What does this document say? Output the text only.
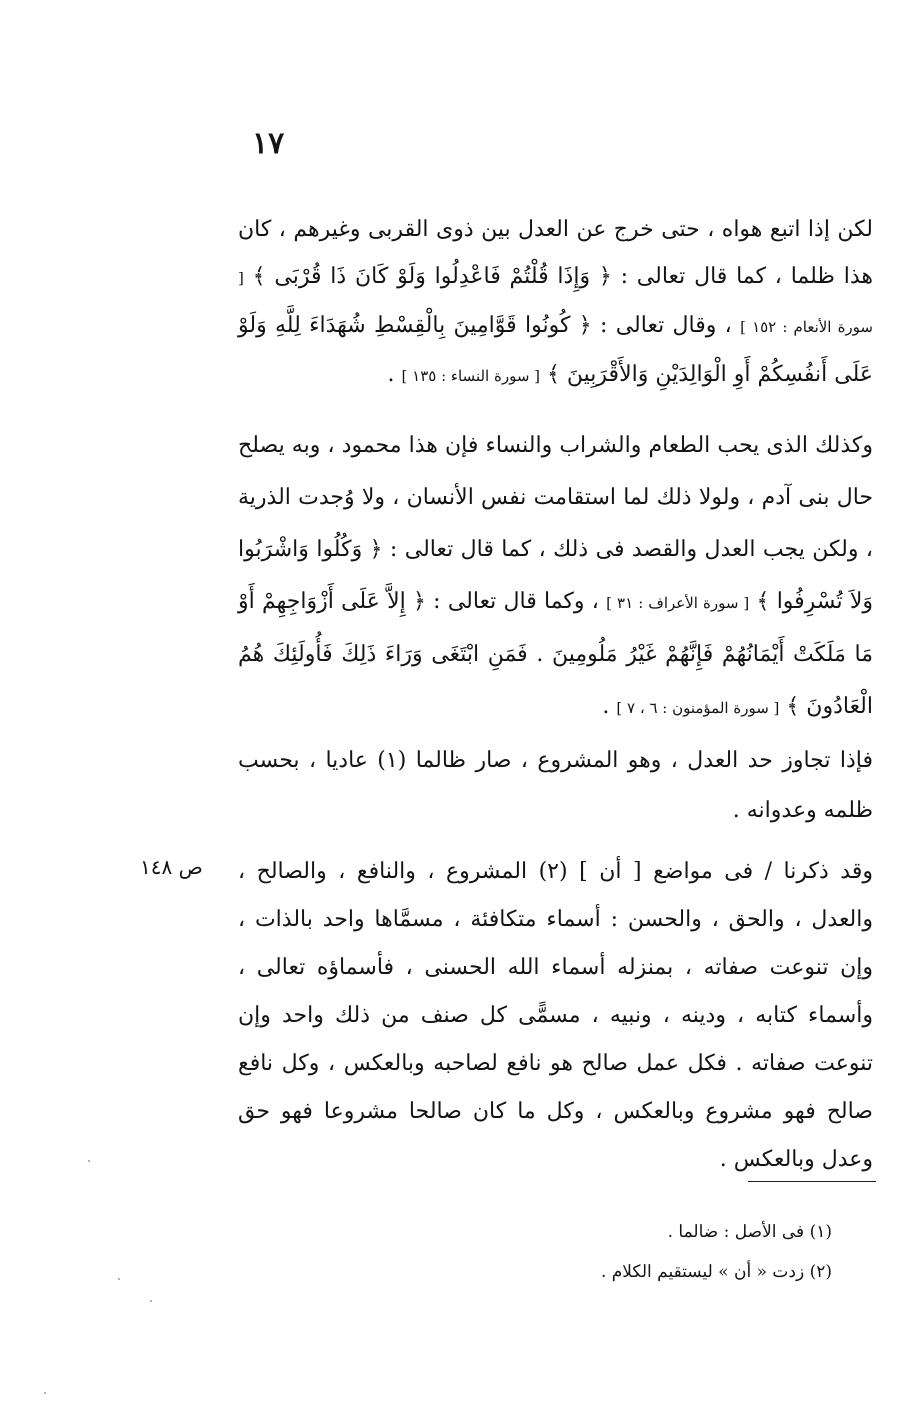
١٧

لكن إذا اتبع هواه ، حتى خرج عن العدل بين ذوى القربى وغيرهم ، كان هذا ظلما ، كما قال تعالى : ﴿ وَإِذَا قُلْتُمْ فَاعْدِلُوا وَلَوْ كَانَ ذَا قُرْبَى ﴾ [ سورة الأنعام : ١٥٢ ] ، وقال تعالى : ﴿ كُونُوا قَوَّامِينَ بِالْقِسْطِ شُهَدَاءَ لِلَّهِ وَلَوْ عَلَى أَنفُسِكُمْ أَوِ الْوَالِدَيْنِ وَالأَقْرَبِينَ ﴾ [ سورة النساء : ١٣٥ ] .

وكذلك الذى يحب الطعام والشراب والنساء فإن هذا محمود ، وبه يصلح حال بنى آدم ، ولولا ذلك لما استقامت نفس الأنسان ، ولا وُجدت الذرية ، ولكن يجب العدل والقصد فى ذلك ، كما قال تعالى : ﴿ وَكُلُوا وَاشْرَبُوا وَلاَ تُسْرِفُوا ﴾ [ سورة الأعراف : ٣١ ] ، وكما قال تعالى : ﴿ إِلاَّ عَلَى أَزْوَاجِهِمْ أَوْ مَا مَلَكَتْ أَيْمَانُهُمْ فَإِنَّهُمْ غَيْرُ مَلُومِينَ . فَمَنِ ابْتَغَى وَرَاءَ ذَلِكَ فَأُولَئِكَ هُمُ الْعَادُونَ ﴾ [ سورة المؤمنون : ٦ ، ٧ ] .

فإذا تجاوز حد العدل ، وهو المشروع ، صار ظالما (١) عاديا ، بحسب ظلمه وعدوانه .

ص ١٤٨ وقد ذكرنا / فى مواضع [ أن ] (٢) المشروع ، والنافع ، والصالح ، والعدل ، والحق ، والحسن : أسماء متكافئة ، مسمَّاها واحد بالذات ، وإن تنوعت صفاته ، بمنزله أسماء الله الحسنى ، فأسماؤه تعالى ، وأسماء كتابه ، ودينه ، ونبيه ، مسمًّى كل صنف من ذلك واحد وإن تنوعت صفاته . فكل عمل صالح هو نافع لصاحبه وبالعكس ، وكل نافع صالح فهو مشروع وبالعكس ، وكل ما كان صالحا مشروعا فهو حق وعدل وبالعكس .

(١) فى الأصل : ضالما .

(٢) زدت « أن » ليستقيم الكلام .
